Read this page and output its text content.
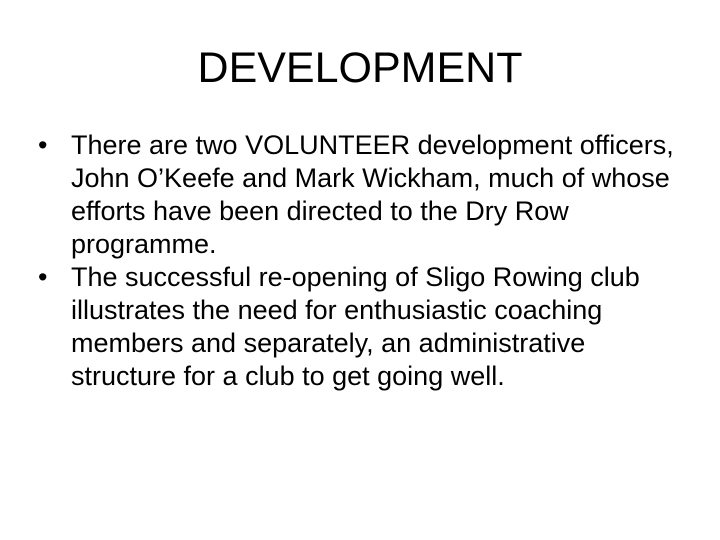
DEVELOPMENT
• There are two VOLUNTEER development officers, John O’Keefe and Mark Wickham, much of whose efforts have been directed to the Dry Row programme.
• The successful re-opening of Sligo Rowing club illustrates the need for enthusiastic coaching members and separately, an administrative structure for a club to get going well.
